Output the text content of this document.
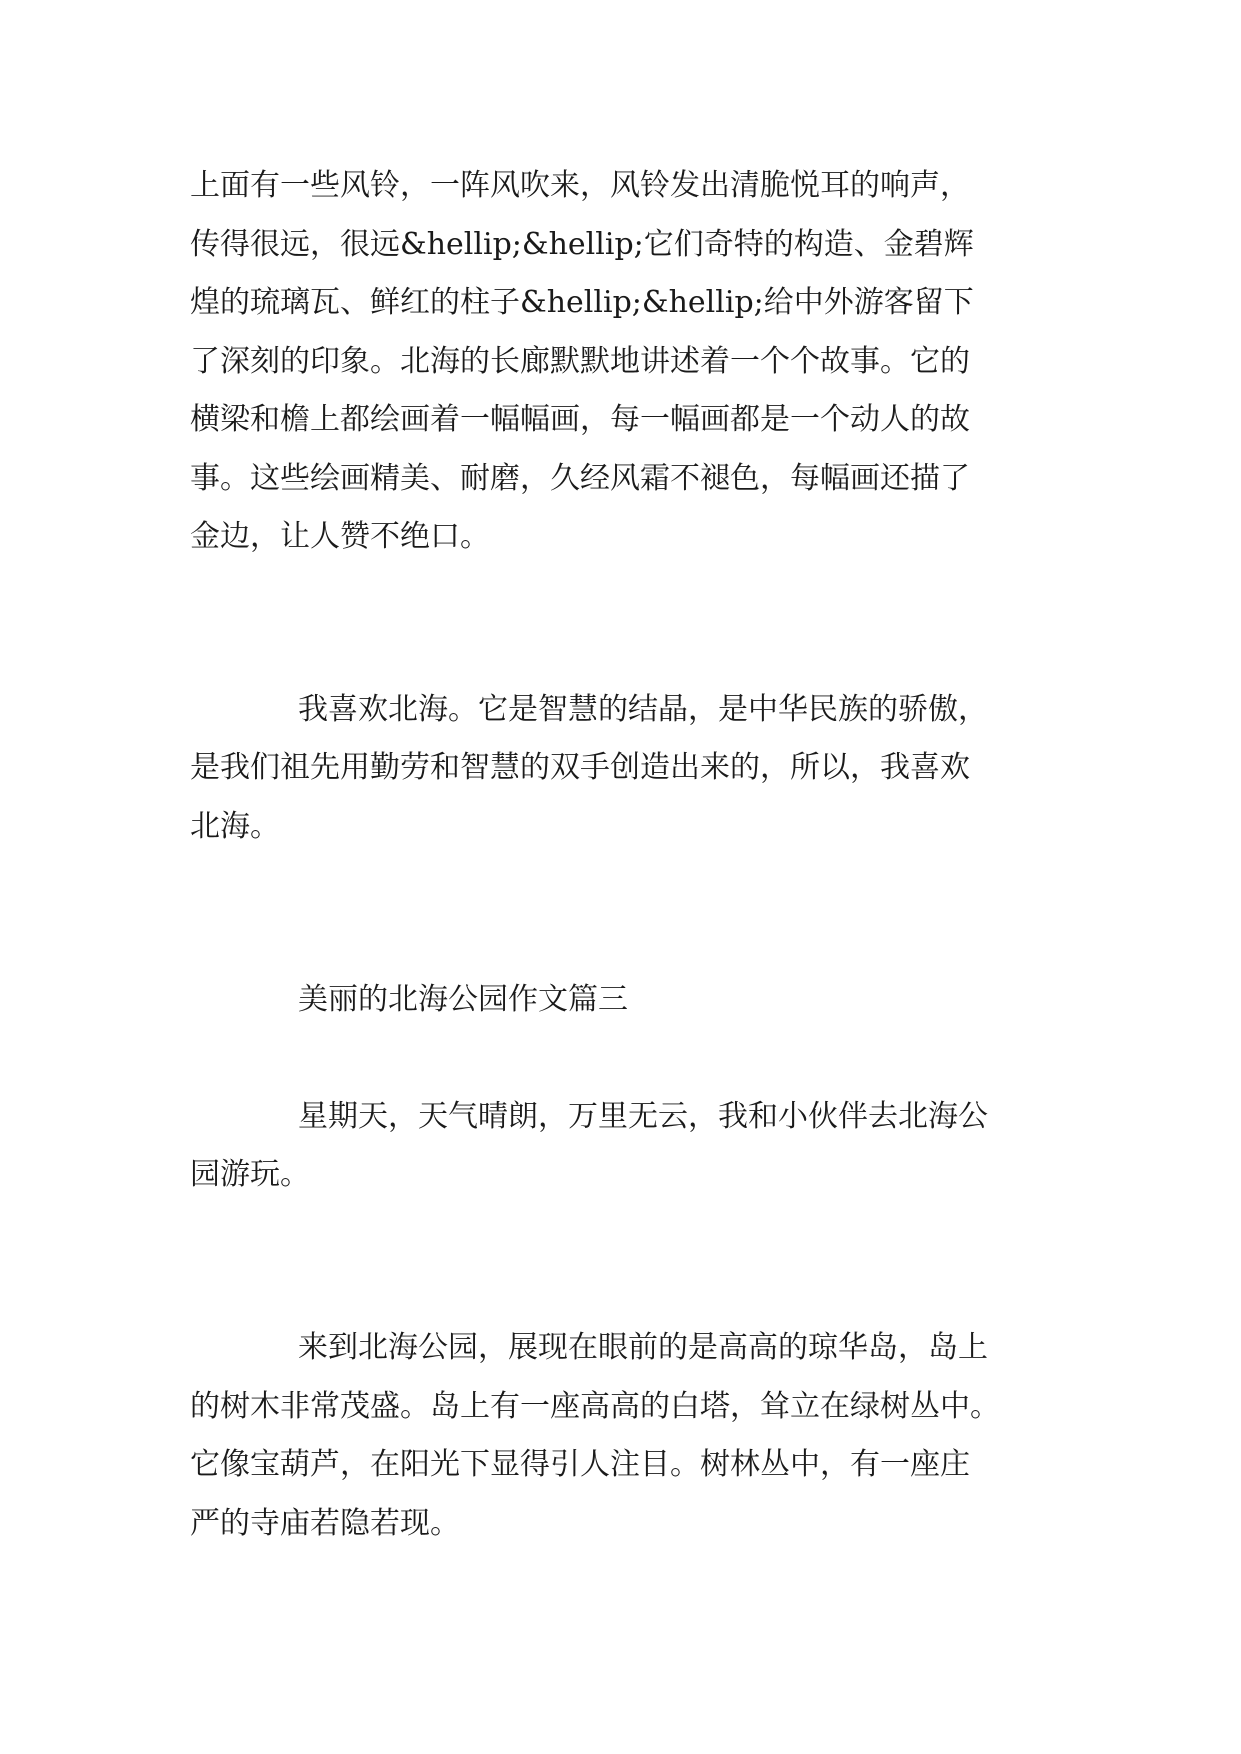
上面有一些风铃，一阵风吹来，风铃发出清脆悦耳的响声，
传得很远，很远&hellip;&hellip;它们奇特的构造、金碧辉
煌的琉璃瓦、鲜红的柱子&hellip;&hellip;给中外游客留下
了深刻的印象。北海的长廊默默地讲述着一个个故事。它的
横梁和檐上都绘画着一幅幅画，每一幅画都是一个动人的故
事。这些绘画精美、耐磨，久经风霜不褪色，每幅画还描了
金边，让人赞不绝口。
我喜欢北海。它是智慧的结晶，是中华民族的骄傲，
是我们祖先用勤劳和智慧的双手创造出来的，所以，我喜欢
北海。
美丽的北海公园作文篇三
星期天，天气晴朗，万里无云，我和小伙伴去北海公
园游玩。
来到北海公园，展现在眼前的是高高的琼华岛，岛上
的树木非常茂盛。岛上有一座高高的白塔，耸立在绿树丛中。
它像宝葫芦，在阳光下显得引人注目。树林丛中，有一座庄
严的寺庙若隐若现。
